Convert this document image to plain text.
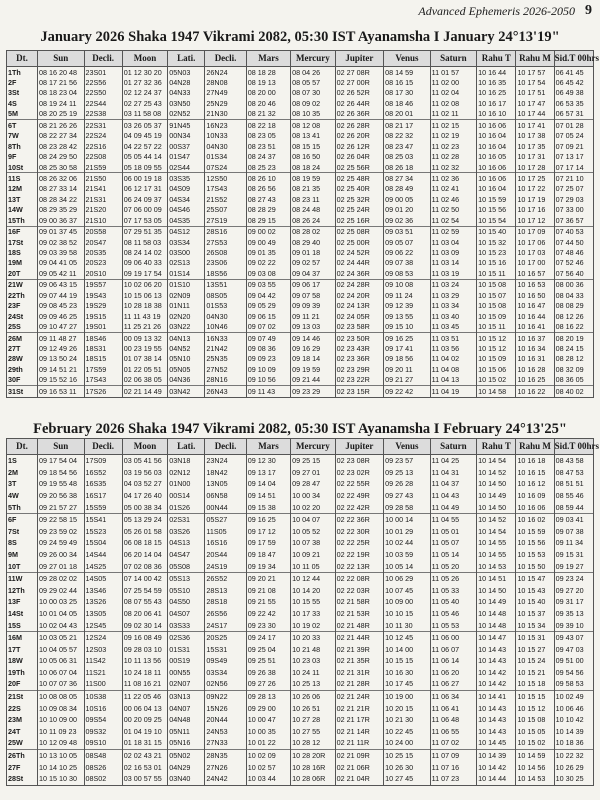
Advanced Ephemeris 2026-2050 9
January 2026 Shaka 1947 Vikrami 2082, 05:30 IST Ayanamsha I January 24°13'19"
Dt.	Sun	Decli.	Moon	Lati.	Decli.	Mars	Mercury	Jupiter	Venus	Saturn	Rahu T	Rahu M	Sid.T 00hrs
1Th	08 16 20 48	23S01	01 12 30 20	05N03	26N24	08 18 28	08 04 26	02 27 08R	08 14 59	11 01 57	10 16 44	10 17 57	06 41 45
2F	08 17 21 56	22S56	01 27 32 36	04N28	28N08	08 19 13	08 05 57	02 27 00R	08 16 15	11 02 00	10 16 35	10 17 54	06 45 42
3St	08 18 23 04	22S50	02 12 24 37	04N33	27N49	08 20 00	08 07 30	02 26 52R	08 17 30	11 02 04	10 16 25	10 17 51	06 49 38
4S	08 19 24 11	22S44	02 27 25 43	03N50	25N29	08 20 46	08 09 02	02 26 44R	08 18 46	11 02 08	10 16 17	10 17 47	06 53 35
5M	08 20 25 19	22S38	03 11 58 08	02N52	21N30	08 21 32	08 10 35	02 26 36R	08 20 01	11 02 11	10 16 10	10 17 44	06 57 31
6T	08 21 26 26	22S31	03 26 05 37	91N45	16N23	08 22 18	08 12 08	02 26 28R	08 21 17	11 02 15	10 16 06	10 17 41	07 01 28
7W	08 22 27 34	22S24	04 09 45 19	00N34	10N33	08 23 05	08 13 41	02 26 20R	08 22 32	11 02 19	10 16 04	10 17 38	07 05 24
8Th	08 23 28 42	22S16	04 22 57 22	00S37	04N30	08 23 51	08 15 15	02 26 12R	08 23 47	11 02 23	10 16 04	10 17 35	07 09 21
9F	08 24 29 50	22S08	05 05 44 14	01S47	01S34	08 24 37	08 16 50	02 26 04R	08 25 03	11 02 28	10 16 05	10 17 31	07 13 17
10St	08 25 30 58	21S59	05 18 09 55	02S44	07S24	08 25 23	08 18 24	02 25 56R	08 26 18	11 02 32	10 16 06	10 17 28	07 17 14
11S	08 26 32 06	21S50	06 00 19 18	03S35	12S50	08 26 10	08 19 59	02 25 48R	08 27 34	11 02 36	10 16 06	10 17 25	07 21 10
12M	08 27 33 14	21S41	06 12 17 31	04S09	17S43	08 26 56	08 21 35	02 25 40R	08 28 49	11 02 41	10 16 04	10 17 22	07 25 07
13T	08 28 34 22	21S31	06 24 09 37	04S34	21S52	08 27 43	08 23 11	02 25 32R	09 00 05	11 02 46	10 15 59	10 17 19	07 29 03
14W	08 29 35 29	21S20	07 06 00 09	04S46	25S07	08 28 29	08 24 48	02 25 24R	09 01 20	11 02 50	10 15 56	10 17 16	07 33 00
15Th	09 00 36 37	21S10	07 17 53 05	04S35	27S19	08 29 15	08 26 24	02 25 16R	09 02 36	11 02 54	10 15 54	10 17 12	07 36 57
16F	09 01 37 45	20S58	07 29 51 35	04S12	28S16	09 00 02	08 28 02	02 25 08R	09 03 51	11 02 59	10 15 40	10 17 09	07 40 53
17St	09 02 38 52	20S47	08 11 58 03	03S34	27S53	09 00 49	08 29 40	02 25 00R	09 05 07	11 03 04	10 15 32	10 17 06	07 44 50
18S	09 03 39 58	20S35	08 24 14 02	03S00	26S08	09 01 35	09 01 18	02 24 52R	09 06 22	11 03 09	10 15 23	10 17 03	07 48 46
19M	09 04 41 05	20S23	09 06 40 33	02S13	23S06	09 02 22	09 02 57	02 24 44R	09 07 38	11 03 14	10 15 16	10 17 00	07 52 46
20T	09 05 42 11	20S10	09 19 17 54	01S14	18S56	09 03 08	09 04 37	02 24 36R	09 08 53	11 03 19	10 15 11	10 16 57	07 56 40
21W	09 06 43 15	19S57	10 02 06 20	01S10	13S51	09 03 55	09 06 17	02 24 28R	09 10 08	11 03 24	10 15 08	10 16 53	08 00 36
22Th	09 07 44 19	19S43	10 15 06 13	02N09	08S05	09 04 42	09 07 58	02 24 20R	09 11 24	11 03 29	10 15 07	10 16 50	08 04 33
23F	09 08 45 23	19S29	10 28 18 38	01N11	01S53	09 05 29	09 09 39	02 24 13R	09 12 39	11 03 34	10 15 08	10 16 47	08 08 29
24St	09 09 46 25	19S15	11 11 43 19	02N20	04N30	09 06 15	09 11 21	02 24 05R	09 13 55	11 03 40	10 15 09	10 16 44	08 12 26
25S	09 10 47 27	19S01	11 25 21 26	03N22	10N46	09 07 02	09 13 03	02 23 58R	09 15 10	11 03 45	10 15 11	10 16 41	08 16 22
26M	09 11 48 27	18S46	00 09 13 32	04N13	16N33	09 07 49	09 14 46	02 23 50R	09 16 25	11 03 51	10 15 12	10 16 37	08 20 19
27T	09 12 49 26	18S31	00 23 19 55	04N52	21N42	09 08 36	09 16 29	02 23 43R	09 17 41	11 03 56	10 15 12	10 16 34	08 24 15
28W	09 13 50 24	18S15	01 07 38 14	05N10	25N35	09 09 23	09 18 14	02 23 36R	09 18 56	11 04 02	10 15 09	10 16 31	08 28 12
29th	09 14 51 21	17S59	01 22 05 51	05N05	27N52	09 10 09	09 19 59	02 23 29R	09 20 11	11 04 08	10 15 06	10 16 28	08 32 09
30F	09 15 52 16	17S43	02 06 38 05	04N36	28N16	09 10 56	09 21 44	02 23 22R	09 21 27	11 04 13	10 15 02	10 16 25	08 36 05
31St	09 16 53 11	17S26	02 21 14 49	03N42	26N43	09 11 43	09 23 29	02 23 15R	09 22 42	11 04 19	10 14 58	10 16 22	08 40 02
February 2026 Shaka 1947 Vikrami 2082, 05:30 IST Ayanamsha I February 24°13'25"
Dt.	Sun	Decli.	Moon	Lati.	Decli.	Mars	Mercury	Jupiter	Venus	Saturn	Rahu T	Rahu M	Sid.T 00hrs
1S	09 17 54 04	17S09	03 05 41 56	03N18	23N24	09 12 30	09 25 15	02 23 08R	09 23 57	11 04 25	10 14 54	10 16 18	08 43 58
2M	09 18 54 56	16S52	03 19 56 03	02N12	18N42	09 13 17	09 27 01	02 23 02R	09 25 13	11 04 31	10 14 52	10 16 15	08 47 53
3T	09 19 55 48	16S35	04 03 52 27	01N00	13N05	09 14 04	09 28 47	02 22 55R	09 26 28	11 04 37	10 14 50	10 16 12	08 51 51
4W	09 20 56 38	16S17	04 17 26 40	00S14	06N58	09 14 51	10 00 34	02 22 49R	09 27 43	11 04 43	10 14 49	10 16 09	08 55 46
5Th	09 21 57 27	15S59	05 00 38 34	01S26	00N44	09 15 38	10 02 20	02 22 42R	09 28 58	11 04 49	10 14 50	10 16 06	08 59 44
6F	09 22 58 15	15S41	05 13 29 24	02S31	05S27	09 16 25	10 04 07	02 22 36R	10 00 14	11 04 55	10 14 52	10 16 02	09 03 41
7St	09 23 59 02	15S23	05 26 01 58	03S26	11S05	09 17 12	10 05 52	02 22 30R	10 01 29	11 05 01	10 14 54	10 15 59	09 07 38
8S	09 24 59 49	15S04	06 08 18 15	04S13	16S16	09 17 59	10 07 38	02 22 25R	10 02 44	11 05 07	10 14 55	10 15 56	09 11 34
9M	09 26 00 34	14S44	06 20 14 04	04S47	20S44	09 18 47	10 09 21	02 22 19R	10 03 59	11 05 14	10 14 55	10 15 53	09 15 31
10T	09 27 01 18	14S25	07 02 08 36	05S08	24S19	09 19 34	10 11 05	02 22 13R	10 05 14	11 05 20	10 14 53	10 15 50	09 19 27
11W	09 28 02 02	14S05	07 14 00 42	05S13	26S52	09 20 21	10 12 44	02 22 08R	10 06 29	11 05 26	10 14 51	10 15 47	09 23 24
12Th	09 29 02 44	13S46	07 25 54 59	05S10	28S13	09 21 08	10 14 20	02 22 03R	10 07 45	11 05 33	10 14 50	10 15 43	09 27 20
13F	10 00 03 25	13S26	08 07 55 43	04S50	28S18	09 21 55	10 15 55	02 21 58R	10 09 00	11 05 40	10 14 49	10 15 40	09 31 17
14St	10 01 04 05	13S05	08 20 06 41	04S07	26S56	09 22 42	10 17 33	02 21 53R	10 10 15	11 05 46	10 14 48	10 15 37	09 35 13
15S	10 02 04 43	12S45	09 02 30 14	03S33	24S17	09 23 30	10 19 02	02 21 48R	10 11 30	11 05 53	10 14 48	10 15 34	09 39 10
16M	10 03 05 21	12S24	09 16 08 49	02S36	20S25	09 24 17	10 20 33	02 21 44R	10 12 45	11 06 00	10 14 47	10 15 31	09 43 07
17T	10 04 05 57	12S03	09 28 03 10	01S31	15S31	09 25 04	10 21 48	02 21 39R	10 14 00	11 06 07	10 14 43	10 15 27	09 47 03
18W	10 05 06 31	11S42	10 11 13 56	00S19	09S49	09 25 51	10 23 03	02 21 35R	10 15 15	11 06 14	10 14 43	10 15 24	09 51 00
19Th	10 06 07 04	11S21	10 24 18 11	00N55	03S34	09 26 38	10 24 11	02 21 31R	10 16 30	11 06 20	10 14 42	10 15 21	09 54 56
20F	10 07 07 36	11S00	11 08 16 21	02N07	02N56	09 27 26	10 25 13	02 21 28R	10 17 45	11 06 27	10 14 42	10 15 18	09 58 53
21St	10 08 08 05	10S38	11 22 05 46	03N13	09N22	09 28 13	10 26 06	02 21 24R	10 19 00	11 06 34	10 14 41	10 15 15	10 02 49
22S	10 09 08 34	10S16	00 06 04 13	04N07	15N26	09 29 00	10 26 51	02 21 21R	10 20 15	11 06 41	10 14 43	10 15 12	10 06 46
23M	10 10 09 00	09S54	00 20 09 25	04N48	20N44	10 00 47	10 27 28	02 21 17R	10 21 30	11 06 48	10 14 43	10 15 08	10 10 42
24T	10 11 09 23	09S32	01 04 19 10	05N11	24N53	10 00 35	10 27 55	02 21 14R	10 22 45	11 06 55	10 14 43	10 15 05	10 14 39
25W	10 12 09 48	09S10	01 18 31 15	05N16	27N33	10 01 22	10 28 12	02 21 11R	10 24 00	11 07 02	10 14 45	10 15 02	10 18 36
26Th	10 13 10 05	08S48	02 02 43 21	05N02	28N35	10 02 09	10 28 20R	02 21 09R	10 25 15	11 07 09	10 14 39	10 14 59	10 22 32
27F	10 14 10 25	08S26	02 16 53 01	04N29	27N26	10 02 57	10 28 16R	02 21 06R	10 26 30	11 07 16	10 14 42	10 14 56	10 26 29
28St	10 15 10 30	08S02	03 00 57 55	03N40	24N42	10 03 44	10 28 06R	02 21 04R	10 27 45	11 07 23	10 14 44	10 14 53	10 30 25
